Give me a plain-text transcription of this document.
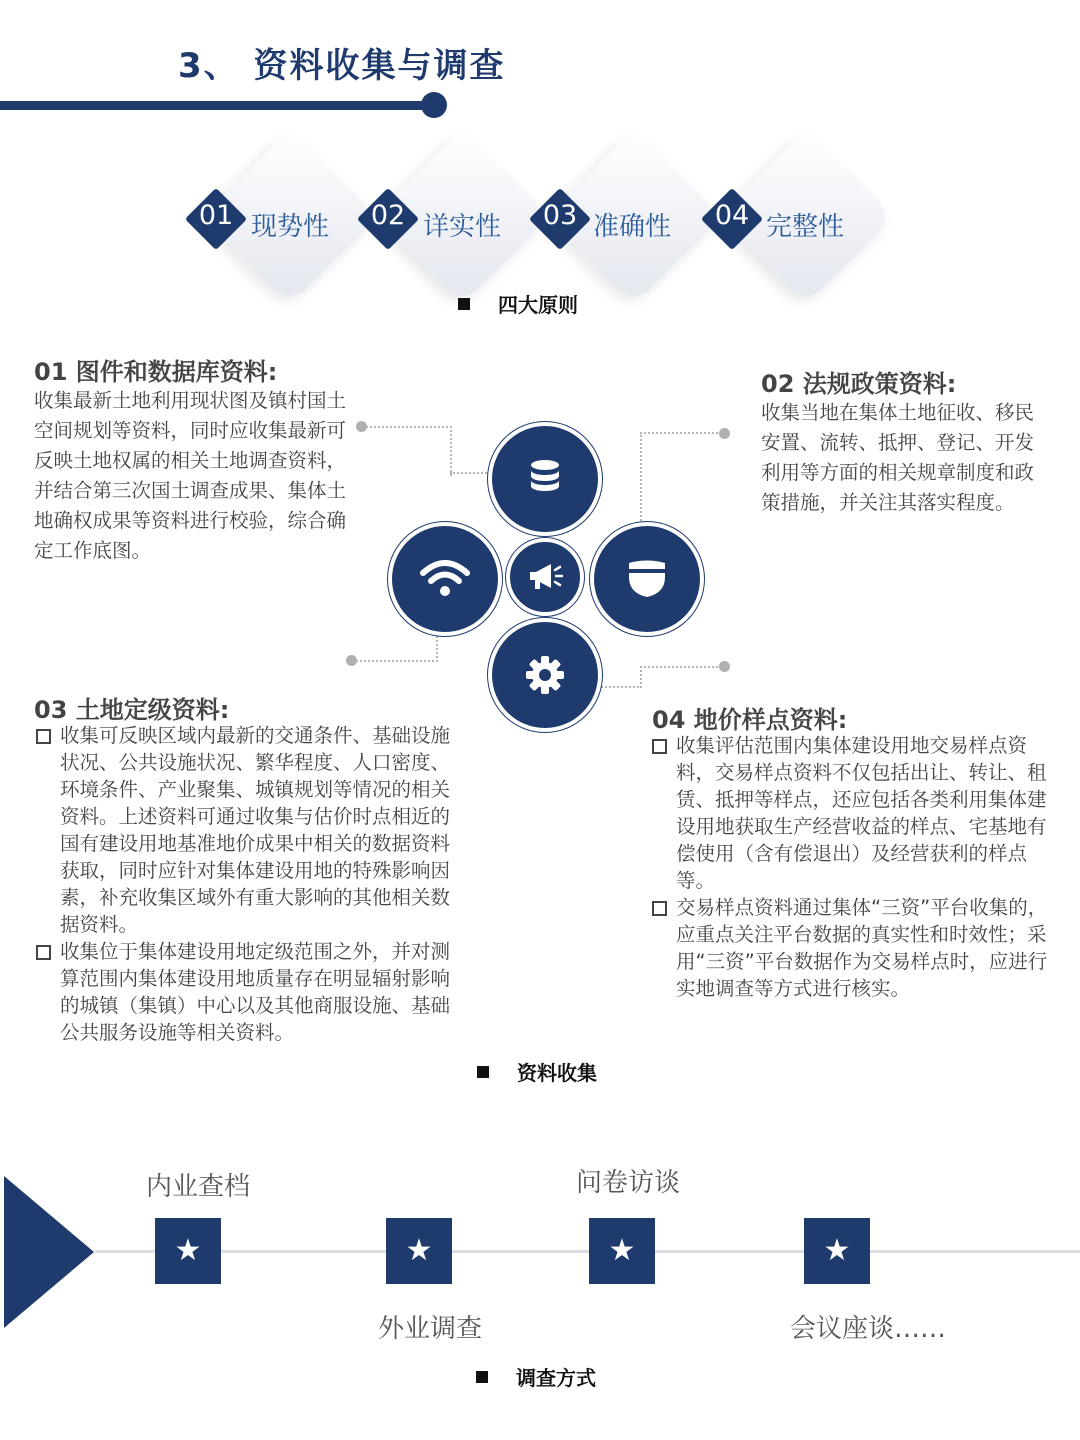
3、 资料收集与调查
01	02	03	04
现势性	详实性	准确性	完整性
四大原则
01 图件和数据库资料:
收集最新土地利用现状图及镇村国土空间规划等资料，同时应收集最新可反映土地权属的相关土地调查资料，并结合第三次国土调查成果、集体土地确权成果等资料进行校验，综合确定工作底图。
02 法规政策资料:
收集当地在集体土地征收、移民安置、流转、抵押、登记、开发利用等方面的相关规章制度和政策措施，并关注其落实程度。
03 土地定级资料:
收集可反映区域内最新的交通条件、基础设施状况、公共设施状况、繁华程度、人口密度、环境条件、产业聚集、城镇规划等情况的相关资料。上述资料可通过收集与估价时点相近的国有建设用地基准地价成果中相关的数据资料获取，同时应针对集体建设用地的特殊影响因素，补充收集区域外有重大影响的其他相关数据资料。
收集位于集体建设用地定级范围之外，并对测算范围内集体建设用地质量存在明显辐射影响的城镇（集镇）中心以及其他商服设施、基础公共服务设施等相关资料。
04 地价样点资料:
收集评估范围内集体建设用地交易样点资料，交易样点资料不仅包括出让、转让、租赁、抵押等样点，还应包括各类利用集体建设用地获取生产经营收益的样点、宅基地有偿使用（含有偿退出）及经营获利的样点等。
交易样点资料通过集体“三资”平台收集的，应重点关注平台数据的真实性和时效性；采用“三资”平台数据作为交易样点时，应进行实地调查等方式进行核实。
资料收集
★	★	★	★
内业查档
外业调查
问卷访谈
会议座谈……
调查方式
